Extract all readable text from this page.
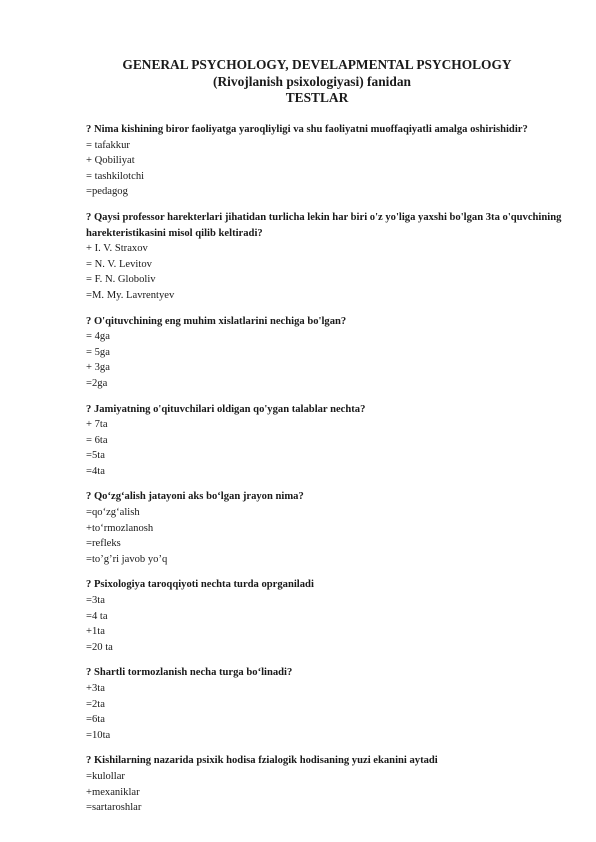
GENERAL PSYCHOLOGY, DEVELAPMENTAL PSYCHOLOGY
(Rivojlanish psixologiyasi) fanidan
TESTLAR
? Nima kishining biror faoliyatga yaroqliyligi va shu faoliyatni muoffaqiyatli amalga oshirishidir?
= tafakkur
+ Qobiliyat
= tashkilotchi
=pedagog
? Qaysi professor harekterlari jihatidan turlicha lekin har biri o'z yo'liga yaxshi bo'lgan 3ta o'quvchining harekteristikasini misol qilib keltiradi?
+ I. V. Straxov
= N. V. Levitov
= F. N. Globoliv
=M. My. Lavrentyev
? O'qituvchining eng muhim xislatlarini nechiga bo'lgan?
= 4ga
= 5ga
+ 3ga
=2ga
? Jamiyatning o'qituvchilari oldigan qo'ygan talablar nechta?
+ 7ta
= 6ta
=5ta
=4ta
? Qo‘zg‘alish jatayoni aks bo‘lgan jrayon nima?
=qo‘zg‘alish
+to‘rmozlanosh
=refleks
=to’g’ri javob yo’q
? Psixologiya taroqqiyoti nechta turda oprganiladi
=3ta
=4 ta
+1ta
=20 ta
? Shartli tormozlanish necha turga bo‘linadi?
+3ta
=2ta
=6ta
=10ta
? Kishilarning nazarida psixik hodisa fzialogik hodisaning yuzi ekanini aytadi
=kulollar
+mexaniklar
=sartaroshlar
